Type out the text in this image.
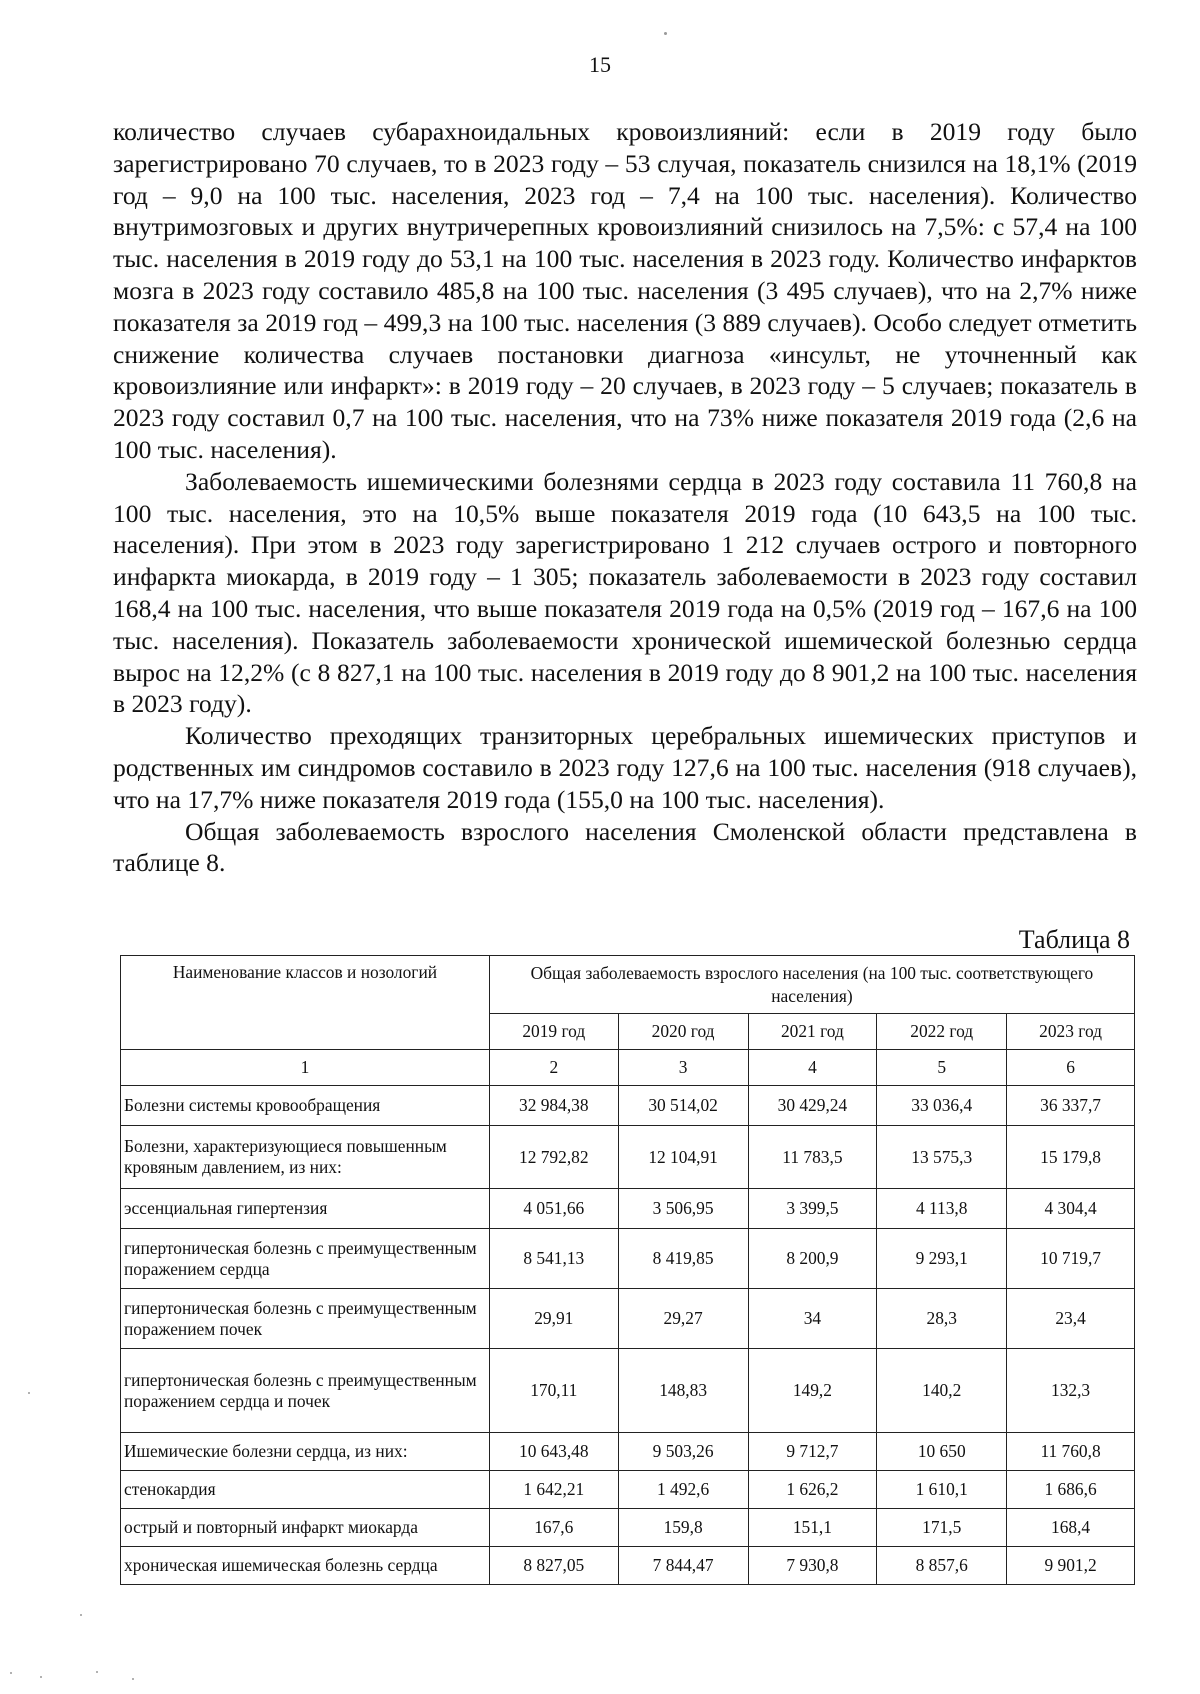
15

количество случаев субарахноидальных кровоизлияний: если в 2019 году было зарегистрировано 70 случаев, то в 2023 году – 53 случая, показатель снизился на 18,1% (2019 год – 9,0 на 100 тыс. населения, 2023 год – 7,4 на 100 тыс. населения). Количество внутримозговых и других внутричерепных кровоизлияний снизилось на 7,5%: с 57,4 на 100 тыс. населения в 2019 году до 53,1 на 100 тыс. населения в 2023 году. Количество инфарктов мозга в 2023 году составило 485,8 на 100 тыс. населения (3 495 случаев), что на 2,7% ниже показателя за 2019 год – 499,3 на 100 тыс. населения (3 889 случаев). Особо следует отметить снижение количества случаев постановки диагноза «инсульт, не уточненный как кровоизлияние или инфаркт»: в 2019 году – 20 случаев, в 2023 году – 5 случаев; показатель в 2023 году составил 0,7 на 100 тыс. населения, что на 73% ниже показателя 2019 года (2,6 на 100 тыс. населения).

Заболеваемость ишемическими болезнями сердца в 2023 году составила 11 760,8 на 100 тыс. населения, это на 10,5% выше показателя 2019 года (10 643,5 на 100 тыс. населения). При этом в 2023 году зарегистрировано 1 212 случаев острого и повторного инфаркта миокарда, в 2019 году – 1 305; показатель заболеваемости в 2023 году составил 168,4 на 100 тыс. населения, что выше показателя 2019 года на 0,5% (2019 год – 167,6 на 100 тыс. населения). Показатель заболеваемости хронической ишемической болезнью сердца вырос на 12,2% (с 8 827,1 на 100 тыс. населения в 2019 году до 8 901,2 на 100 тыс. населения в 2023 году).

Количество преходящих транзиторных церебральных ишемических приступов и родственных им синдромов составило в 2023 году 127,6 на 100 тыс. населения (918 случаев), что на 17,7% ниже показателя 2019 года (155,0 на 100 тыс. населения).

Общая заболеваемость взрослого населения Смоленской области представлена в таблице 8.

Таблица 8
Наименование классов и нозологий	Общая заболеваемость взрослого населения (на 100 тыс. соответствующего населения)				
	2019 год	2020 год	2021 год	2022 год	2023 год
1	2	3	4	5	6
Болезни системы кровообращения	32 984,38	30 514,02	30 429,24	33 036,4	36 337,7
Болезни, характеризующиеся повышенным кровяным давлением, из них:	12 792,82	12 104,91	11 783,5	13 575,3	15 179,8
эссенциальная гипертензия	4 051,66	3 506,95	3 399,5	4 113,8	4 304,4
гипертоническая болезнь с преимущественным поражением сердца	8 541,13	8 419,85	8 200,9	9 293,1	10 719,7
гипертоническая болезнь с преимущественным поражением почек	29,91	29,27	34	28,3	23,4
гипертоническая болезнь с преимущественным поражением сердца и почек	170,11	148,83	149,2	140,2	132,3
Ишемические болезни сердца, из них:	10 643,48	9 503,26	9 712,7	10 650	11 760,8
стенокардия	1 642,21	1 492,6	1 626,2	1 610,1	1 686,6
острый и повторный инфаркт миокарда	167,6	159,8	151,1	171,5	168,4
хроническая ишемическая болезнь сердца	8 827,05	7 844,47	7 930,8	8 857,6	9 901,2
